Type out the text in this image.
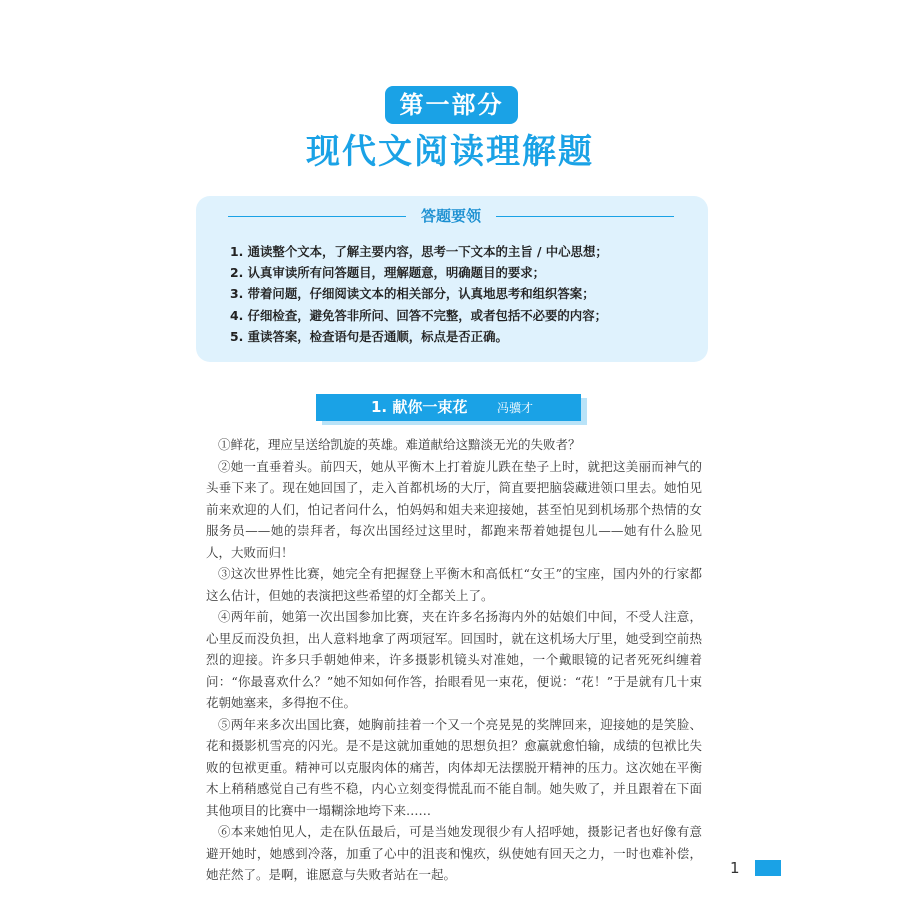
第一部分
现代文阅读理解题
答题要领
1. 通读整个文本，了解主要内容，思考一下文本的主旨 / 中心思想；
2. 认真审读所有问答题目，理解题意，明确题目的要求；
3. 带着问题，仔细阅读文本的相关部分，认真地思考和组织答案；
4. 仔细检查，避免答非所问、回答不完整，或者包括不必要的内容；
5. 重读答案，检查语句是否通顺，标点是否正确。
1. 献你一束花 冯骥才

①鲜花，理应呈送给凯旋的英雄。难道献给这黯淡无光的失败者？

②她一直垂着头。前四天，她从平衡木上打着旋儿跌在垫子上时，就把这美丽而神气的头垂下来了。现在她回国了，走入首都机场的大厅，简直要把脑袋藏进领口里去。她怕见前来欢迎的人们，怕记者问什么，怕妈妈和姐夫来迎接她，甚至怕见到机场那个热情的女服务员——她的崇拜者，每次出国经过这里时，都跑来帮着她提包儿——她有什么脸见人，大败而归！

③这次世界性比赛，她完全有把握登上平衡木和高低杠“女王”的宝座，国内外的行家都这么估计，但她的表演把这些希望的灯全都关上了。

④两年前，她第一次出国参加比赛，夹在许多名扬海内外的姑娘们中间，不受人注意，心里反而没负担，出人意料地拿了两项冠军。回国时，就在这机场大厅里，她受到空前热烈的迎接。许多只手朝她伸来，许多摄影机镜头对准她，一个戴眼镜的记者死死纠缠着问：“你最喜欢什么？”她不知如何作答，抬眼看见一束花，便说：“花！”于是就有几十束花朝她塞来，多得抱不住。

⑤两年来多次出国比赛，她胸前挂着一个又一个亮晃晃的奖牌回来，迎接她的是笑脸、花和摄影机雪亮的闪光。是不是这就加重她的思想负担？愈赢就愈怕输，成绩的包袱比失败的包袱更重。精神可以克服肉体的痛苦，肉体却无法摆脱开精神的压力。这次她在平衡木上稍稍感觉自己有些不稳，内心立刻变得慌乱而不能自制。她失败了，并且跟着在下面其他项目的比赛中一塌糊涂地垮下来……

⑥本来她怕见人，走在队伍最后，可是当她发现很少有人招呼她，摄影记者也好像有意避开她时，她感到冷落，加重了心中的沮丧和愧疚，纵使她有回天之力，一时也难补偿，她茫然了。是啊，谁愿意与失败者站在一起。	1
